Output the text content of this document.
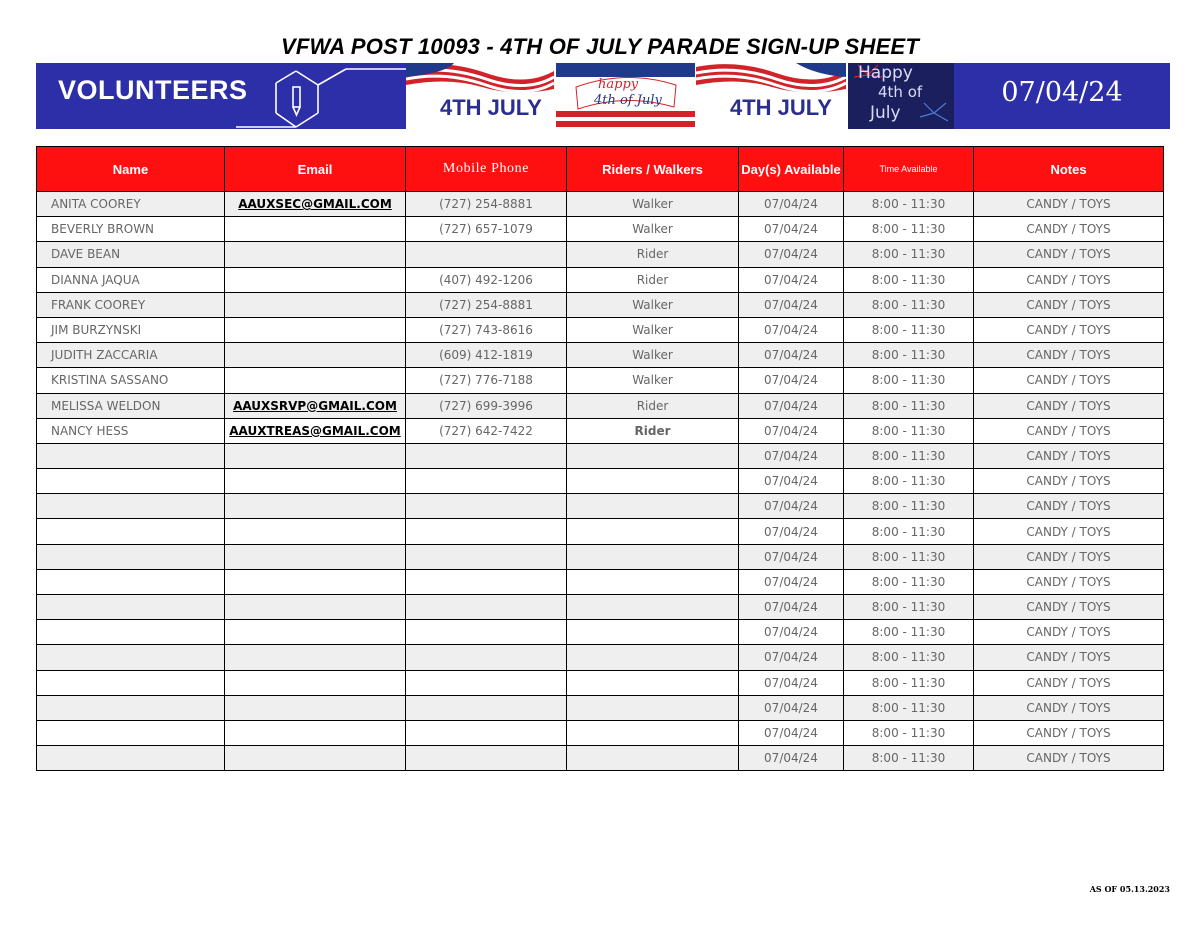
VFWA POST 10093 - 4TH OF JULY PARADE SIGN-UP SHEET
VOLUNTEERS
4TH JULY
happy
4th of July	4TH JULY
Happy
4th of
July
07/04/24
Name	Email	Mobile Phone	Riders / Walkers	Day(s) Available	Time Available	Notes
ANITA COOREY	AAUXSEC@GMAIL.COM	(727) 254-8881	Walker	07/04/24	8:00 - 11:30	CANDY / TOYS
BEVERLY BROWN		(727) 657-1079	Walker	07/04/24	8:00 - 11:30	CANDY / TOYS
DAVE BEAN			Rider	07/04/24	8:00 - 11:30	CANDY / TOYS
DIANNA JAQUA		(407) 492-1206	Rider	07/04/24	8:00 - 11:30	CANDY / TOYS
FRANK COOREY		(727) 254-8881	Walker	07/04/24	8:00 - 11:30	CANDY / TOYS
JIM BURZYNSKI		(727) 743-8616	Walker	07/04/24	8:00 - 11:30	CANDY / TOYS
JUDITH ZACCARIA		(609) 412-1819	Walker	07/04/24	8:00 - 11:30	CANDY / TOYS
KRISTINA SASSANO		(727) 776-7188	Walker	07/04/24	8:00 - 11:30	CANDY / TOYS
MELISSA WELDON	AAUXSRVP@GMAIL.COM	(727) 699-3996	Rider	07/04/24	8:00 - 11:30	CANDY / TOYS
NANCY HESS	AAUXTREAS@GMAIL.COM	(727) 642-7422	Rider	07/04/24	8:00 - 11:30	CANDY / TOYS
				07/04/24	8:00 - 11:30	CANDY / TOYS
				07/04/24	8:00 - 11:30	CANDY / TOYS
				07/04/24	8:00 - 11:30	CANDY / TOYS
				07/04/24	8:00 - 11:30	CANDY / TOYS
				07/04/24	8:00 - 11:30	CANDY / TOYS
				07/04/24	8:00 - 11:30	CANDY / TOYS
				07/04/24	8:00 - 11:30	CANDY / TOYS
				07/04/24	8:00 - 11:30	CANDY / TOYS
				07/04/24	8:00 - 11:30	CANDY / TOYS
				07/04/24	8:00 - 11:30	CANDY / TOYS
				07/04/24	8:00 - 11:30	CANDY / TOYS
				07/04/24	8:00 - 11:30	CANDY / TOYS
				07/04/24	8:00 - 11:30	CANDY / TOYS
AS OF 05.13.2023
